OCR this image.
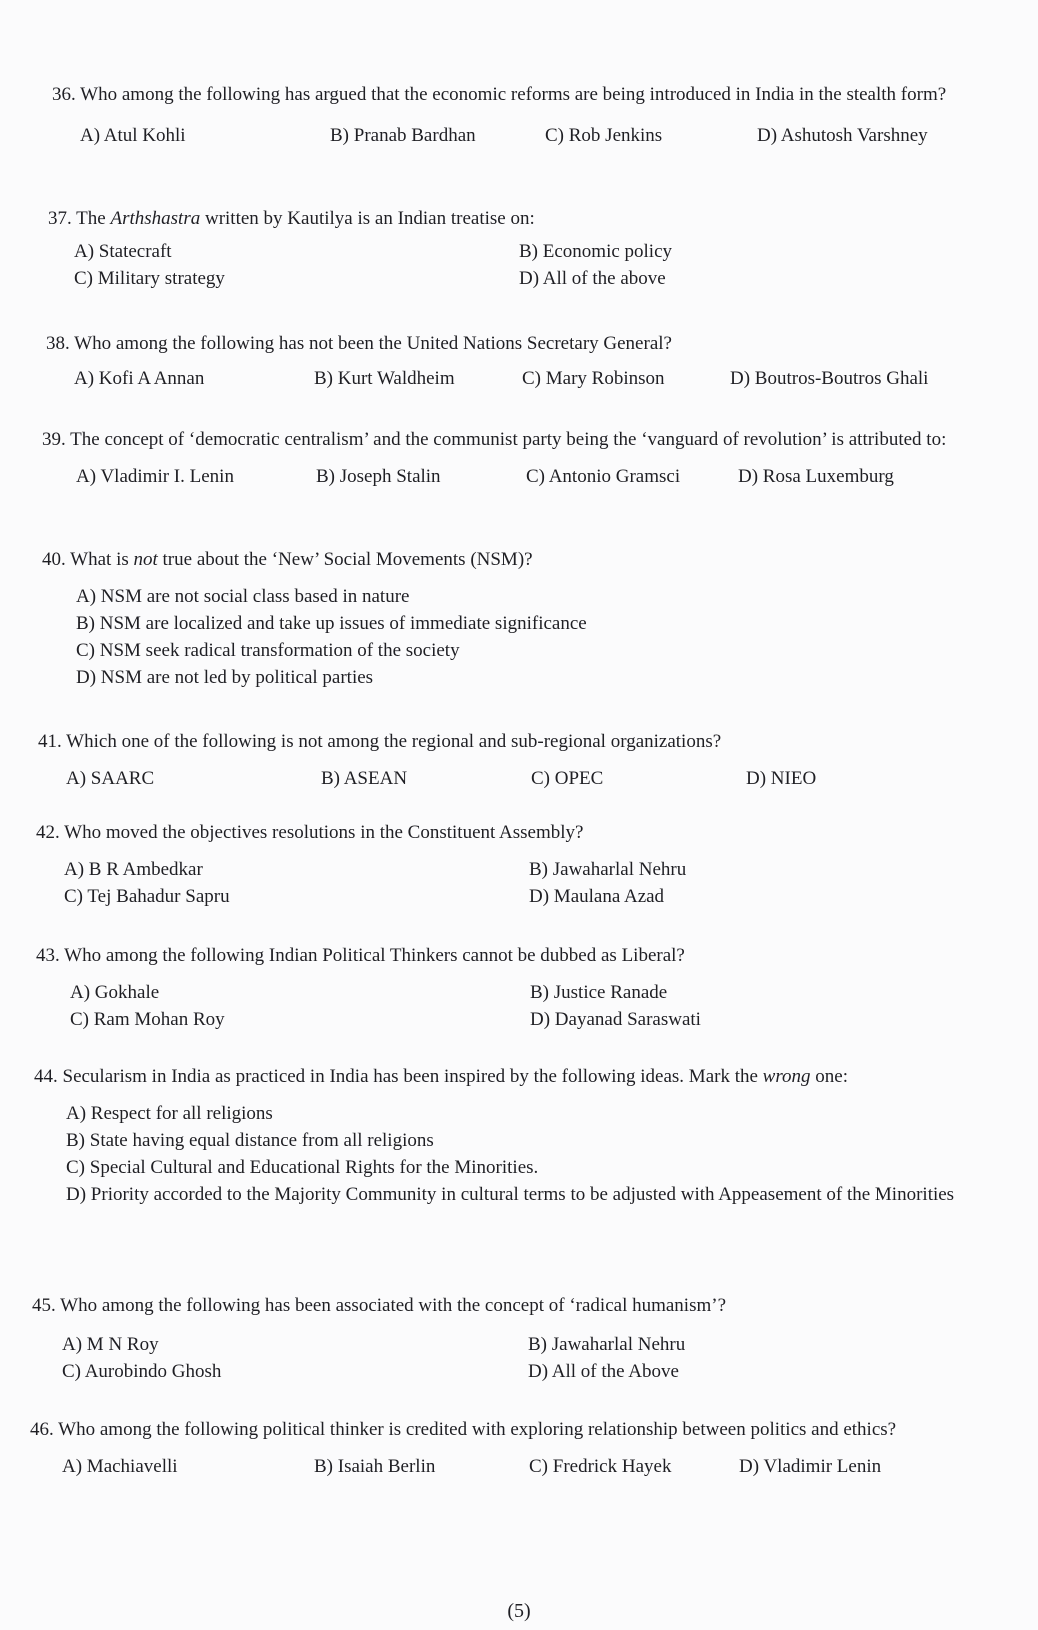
36. Who among the following has argued that the economic reforms are being introduced in India in the stealth form?
A) Atul Kohli	B) Pranab Bardhan	C) Rob Jenkins	D) Ashutosh Varshney
37. The Arthshastra written by Kautilya is an Indian treatise on:
A) Statecraft	B) Economic policy
C) Military strategy	D) All of the above
38. Who among the following has not been the United Nations Secretary General?
A) Kofi A Annan	B) Kurt Waldheim	C) Mary Robinson	D) Boutros-Boutros Ghali
39. The concept of ‘democratic centralism’ and the communist party being the ‘vanguard of revolution’ is attributed to:
A) Vladimir I. Lenin	B) Joseph Stalin	C) Antonio Gramsci	D) Rosa Luxemburg
40. What is not true about the ‘New’ Social Movements (NSM)?
A) NSM are not social class based in nature
B) NSM are localized and take up issues of immediate significance
C) NSM seek radical transformation of the society
D) NSM are not led by political parties
41. Which one of the following is not among the regional and sub-regional organizations?
A) SAARC	B) ASEAN	C) OPEC	D) NIEO
42. Who moved the objectives resolutions in the Constituent Assembly?
A) B R Ambedkar	B) Jawaharlal Nehru
C) Tej Bahadur Sapru	D) Maulana Azad
43. Who among the following Indian Political Thinkers cannot be dubbed as Liberal?
A) Gokhale	B) Justice Ranade
C) Ram Mohan Roy	D) Dayanad Saraswati
44. Secularism in India as practiced in India has been inspired by the following ideas. Mark the wrong one:
A) Respect for all religions
B) State having equal distance from all religions
C) Special Cultural and Educational Rights for the Minorities.
D) Priority accorded to the Majority Community in cultural terms to be adjusted with Appeasement of the Minorities
45. Who among the following has been associated with the concept of ‘radical humanism’?
A) M N Roy	B) Jawaharlal Nehru
C) Aurobindo Ghosh	D) All of the Above
46. Who among the following political thinker is credited with exploring relationship between politics and ethics?
A) Machiavelli	B) Isaiah Berlin	C) Fredrick Hayek	D) Vladimir Lenin
(5)
